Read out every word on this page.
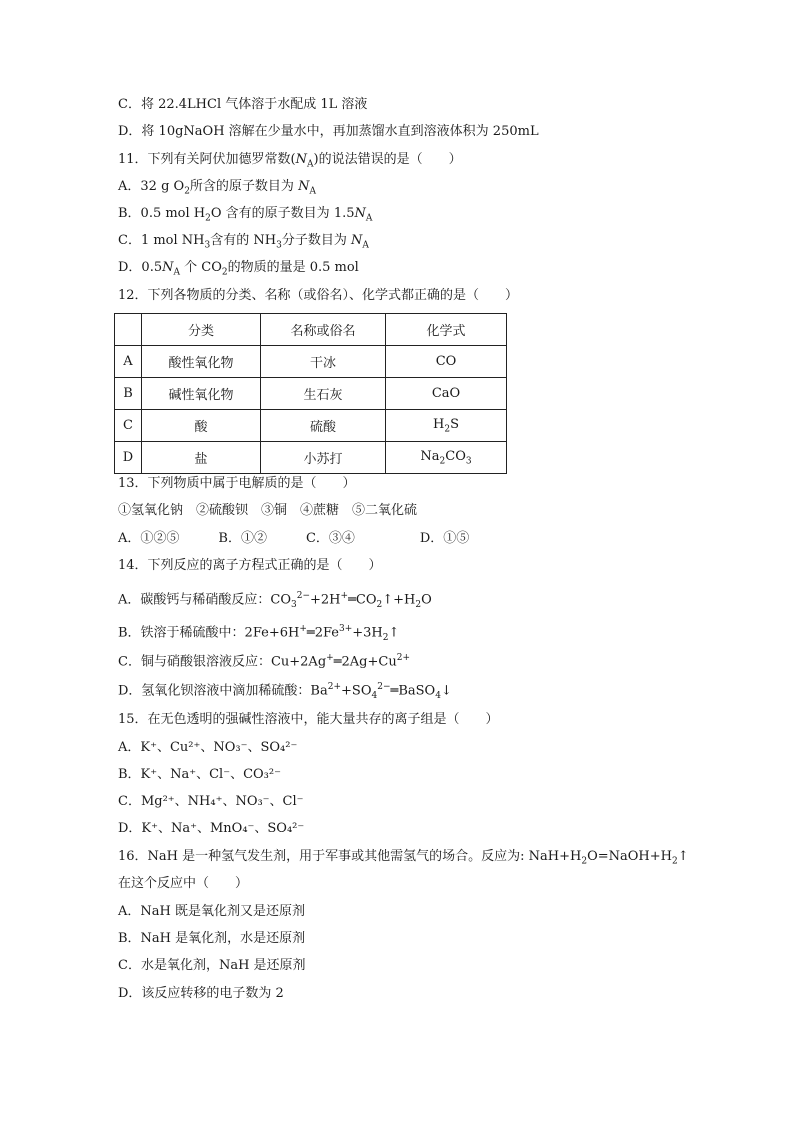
C．将 22.4LHCl 气体溶于水配成 1L 溶液
D．将 10gNaOH 溶解在少量水中，再加蒸馏水直到溶液体积为 250mL
11．下列有关阿伏加德罗常数$(N_A)$的说法错误的是（　　）
A．32 g $O_2$所含的原子数目为 $N_A$
B．0.5 mol $H_2O$ 含有的原子数目为 $1.5N_A$
C．1 mol $NH_3$含有的 $NH_3$分子数目为 $N_A$
D．$0.5N_A$ 个 $CO_2$的物质的量是 0.5 mol
12．下列各物质的分类、名称（或俗名）、化学式都正确的是（　　）
	分类	名称或俗名	化学式
A	酸性氧化物	干冰	CO
B	碱性氧化物	生石灰	CaO
C	酸	硫酸	$H_2S$
D	盐	小苏打	$Na_2CO_3$
13．下列物质中属于电解质的是（　　）
①氢氧化钠　②硫酸钡　③铜　④蔗糖　⑤二氧化硫
A．①②⑤　　　B．①②　　　C．③④　　　　　D．①⑤
14．下列反应的离子方程式正确的是（　　）
A．碳酸钙与稀硝酸反应：$CO_3^{2-}+2H^+═CO_2↑+H_2O$
B．铁溶于稀硫酸中：$2Fe+6H^+═2Fe^{3+}+3H_2↑$
C．铜与硝酸银溶液反应：$Cu+2Ag^+═2Ag+Cu^{2+}$
D．氢氧化钡溶液中滴加稀硫酸：$Ba^{2+}+SO_4^{2-}═BaSO_4↓$
15．在无色透明的强碱性溶液中，能大量共存的离子组是（　　）
A．K⁺、Cu²⁺、NO₃⁻、SO₄²⁻
B．K⁺、Na⁺、Cl⁻、CO₃²⁻
C．Mg²⁺、NH₄⁺、NO₃⁻、Cl⁻
D．K⁺、Na⁺、MnO₄⁻、SO₄²⁻
16．NaH 是一种氢气发生剂，用于军事或其他需氢气的场合。反应为: $NaH+H_2O=NaOH+H_2↑$
在这个反应中（　　）
A．NaH 既是氧化剂又是还原剂
B．NaH 是氧化剂，水是还原剂
C．水是氧化剂，NaH 是还原剂
D．该反应转移的电子数为 2
